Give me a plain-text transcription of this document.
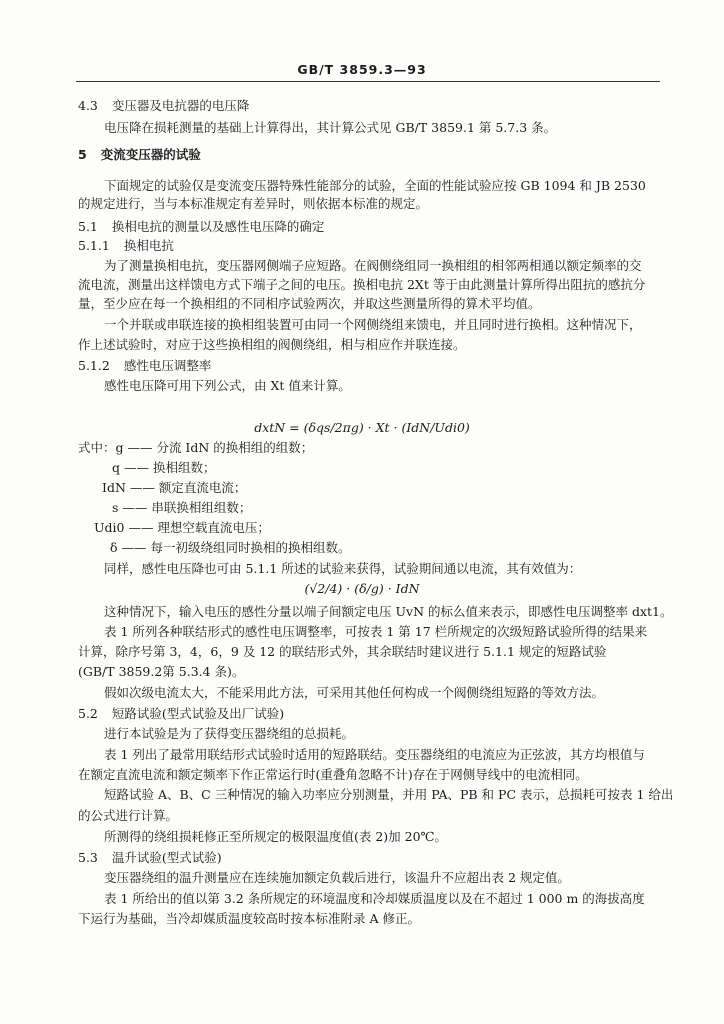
GB/T 3859.3—93
4.3 变压器及电抗器的电压降
电压降在损耗测量的基础上计算得出，其计算公式见 GB/T 3859.1 第 5.7.3 条。
5 变流变压器的试验
下面规定的试验仅是变流变压器特殊性能部分的试验，全面的性能试验应按 GB 1094 和 JB 2530
的规定进行，当与本标准规定有差异时，则依据本标准的规定。
5.1 换相电抗的测量以及感性电压降的确定
5.1.1 换相电抗
为了测量换相电抗，变压器网侧端子应短路。在阀侧绕组同一换相组的相邻两相通以额定频率的交
流电流，测量出这样馈电方式下端子之间的电压。换相电抗 2Xt 等于由此测量计算所得出阻抗的感抗分
量，至少应在每一个换相组的不同相序试验两次，并取这些测量所得的算术平均值。
一个并联或串联连接的换相组装置可由同一个网侧绕组来馈电，并且同时进行换相。这种情况下，
作上述试验时，对应于这些换相组的阀侧绕组，相与相应作并联连接。
5.1.2 感性电压调整率
感性电压降可用下列公式，由 Xt 值来计算。
dxtN = (δqs/2πg) · Xt · (IdN/Udi0)
式中：g —— 分流 IdN 的换相组的组数；
q —— 换相组数；
IdN —— 额定直流电流；
s —— 串联换相组组数；
Udi0 —— 理想空载直流电压；
δ —— 每一初级绕组同时换相的换相组数。
同样，感性电压降也可由 5.1.1 所述的试验来获得，试验期间通以电流，其有效值为：
(√2/4) · (δ/g) · IdN
这种情况下，输入电压的感性分量以端子间额定电压 UvN 的标么值来表示，即感性电压调整率 dxt1。
表 1 所列各种联结形式的感性电压调整率，可按表 1 第 17 栏所规定的次级短路试验所得的结果来
计算，除序号第 3，4，6，9 及 12 的联结形式外，其余联结时建议进行 5.1.1 规定的短路试验
(GB/T 3859.2第 5.3.4 条)。
假如次级电流太大，不能采用此方法，可采用其他任何构成一个阀侧绕组短路的等效方法。
5.2 短路试验(型式试验及出厂试验)
进行本试验是为了获得变压器绕组的总损耗。
表 1 列出了最常用联结形式试验时适用的短路联结。变压器绕组的电流应为正弦波，其方均根值与
在额定直流电流和额定频率下作正常运行时(重叠角忽略不计)存在于网侧导线中的电流相同。
短路试验 A、B、C 三种情况的输入功率应分别测量，并用 PA、PB 和 PC 表示，总损耗可按表 1 给出
的公式进行计算。
所测得的绕组损耗修正至所规定的极限温度值(表 2)加 20℃。
5.3 温升试验(型式试验)
变压器绕组的温升测量应在连续施加额定负载后进行，该温升不应超出表 2 规定值。
表 1 所给出的值以第 3.2 条所规定的环境温度和冷却媒质温度以及在不超过 1 000 m 的海拔高度
下运行为基础，当冷却媒质温度较高时按本标准附录 A 修正。
